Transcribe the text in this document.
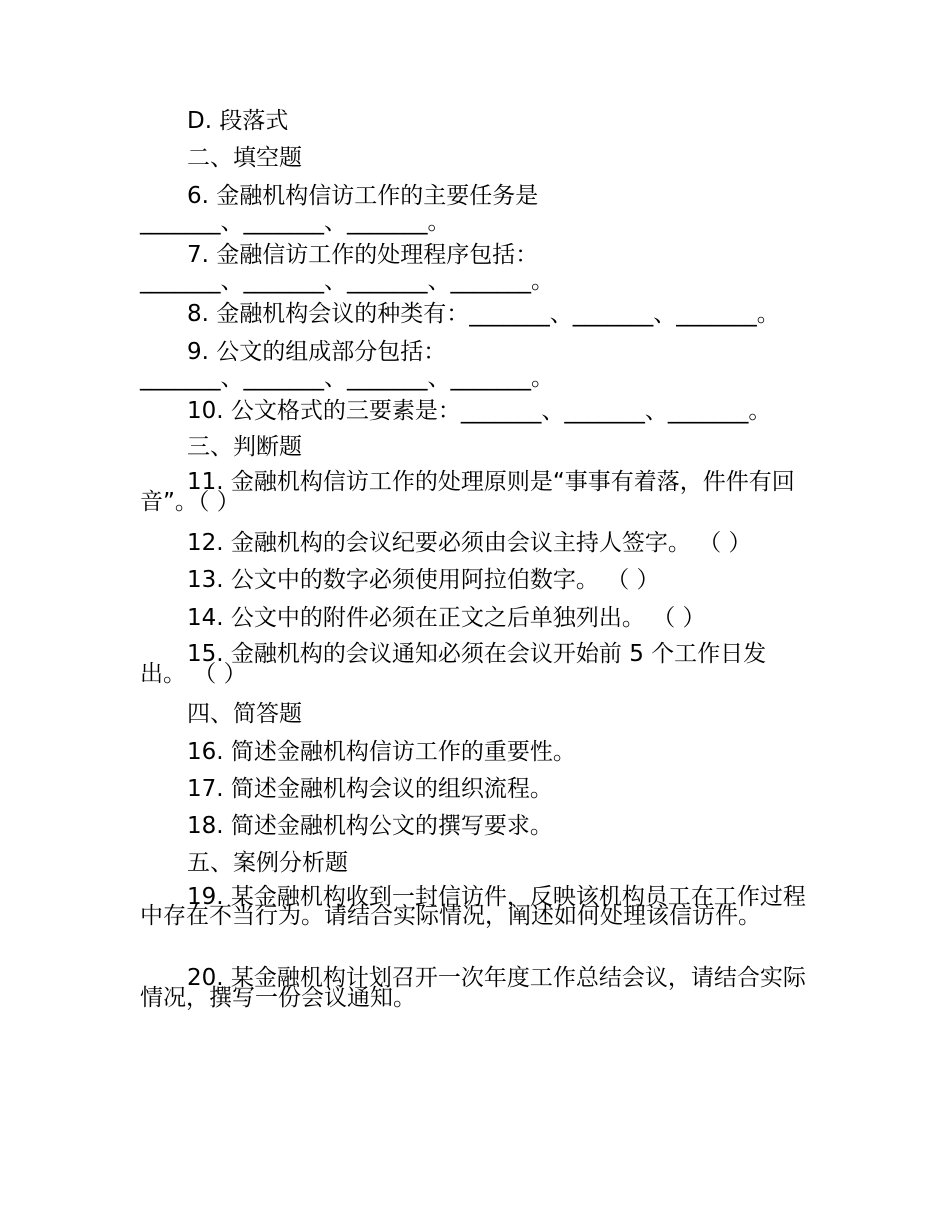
D. 段落式
二、填空题
6. 金融机构信访工作的主要任务是
_______、_______、_______。
7. 金融信访工作的处理程序包括：
_______、_______、_______、_______。
8. 金融机构会议的种类有：_______、_______、_______。
9. 公文的组成部分包括：
_______、_______、_______、_______。
10. 公文格式的三要素是：_______、_______、_______。
三、判断题
11. 金融机构信访工作的处理原则是“事事有着落，件件有回音”。（ ）
12. 金融机构的会议纪要必须由会议主持人签字。 （ ）
13. 公文中的数字必须使用阿拉伯数字。 （ ）
14. 公文中的附件必须在正文之后单独列出。 （ ）
15. 金融机构的会议通知必须在会议开始前 5 个工作日发出。 （ ）
四、简答题
16. 简述金融机构信访工作的重要性。
17. 简述金融机构会议的组织流程。
18. 简述金融机构公文的撰写要求。
五、案例分析题
19. 某金融机构收到一封信访件，反映该机构员工在工作过程中存在不当行为。请结合实际情况，阐述如何处理该信访件。
20. 某金融机构计划召开一次年度工作总结会议，请结合实际情况，撰写一份会议通知。
